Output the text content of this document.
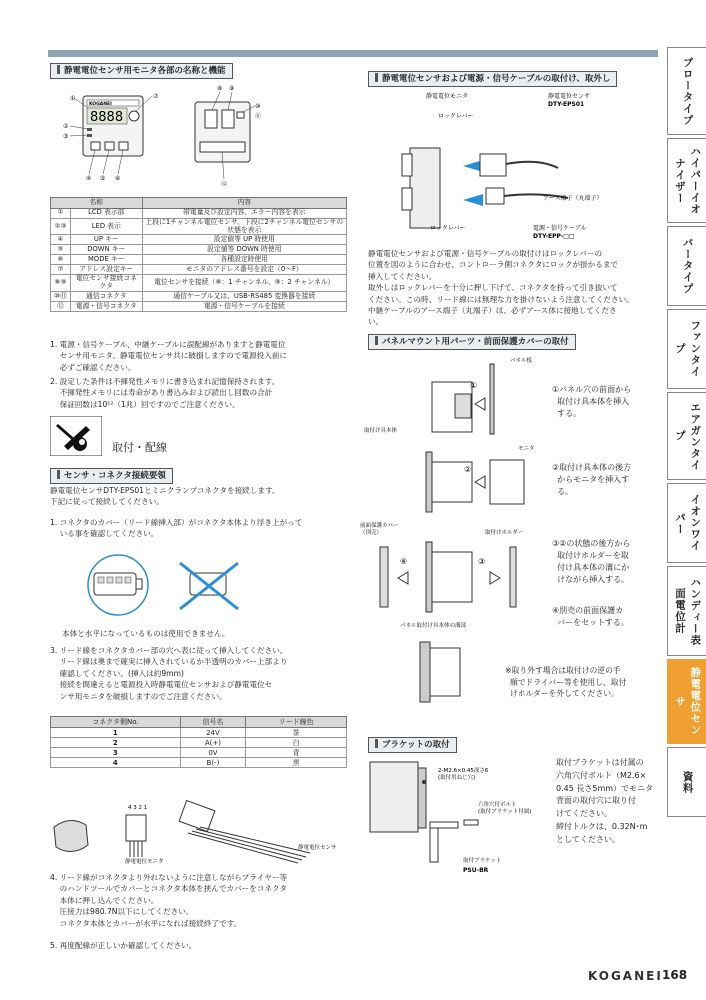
静電電位センサ用モニタ各部の名称と機能
KOGANEI
8888
①	⑦
②
③
④ ⑤ ⑥
⑧ ⑨
⑩
⑪
⑫
名称		内容
①	LCD 表示部	帯電量及び設定内容、エラー内容を表示
②③	LED 表示	上段に1チャンネル電位センサ、下段に2チャンネル電位センサの状態を表示
④	UP キー	設定値等 UP 時使用
⑤	DOWN キー	設定値等 DOWN 時使用
⑥	MODE キー	各種設定時使用
⑦	アドレス設定キー	モニタのアドレス番号を設定（0～F）
⑧⑨	電位センサ接続コネクタ	電位センサを接続（⑧：1 チャンネル、⑨：2 チャンネル）
⑩⑪	通信コネクタ	通信ケーブル又は、USB-RS485 変換器を接続
⑫	電源・信号コネクタ	電源・信号ケーブルを接続
1. 電源・信号ケーブル、中継ケーブルに誤配線がありますと静電電位
センサ用モニタ、静電電位センサ共に破損しますので電源投入前に
必ずご確認ください。
2. 設定した条件は不揮発性メモリに書き込まれ記憶保持されます。
不揮発性メモリには寿命があり書込みおよび読出し回数の合計
保証回数は10¹²（1兆）回ですのでご注意ください。
取付・配線
センサ・コネクタ接続要領
静電電位センサDTY-EPS01とミニクランプコネクタを接続します。
下記に従って接続してください。
1. コネクタのカバー（リード線挿入部）がコネクタ本体より浮き上がって
いる事を確認してください。
本体と水平になっているものは使用できません。
3. リード線をコネクタカバー部の穴へ表に従って挿入してください。
リード線は奥まで確実に挿入されているか半透明のカバー上部より
確認してください。(挿入は約9mm)
接続を間違えると電源投入時静電電位センサおよび静電電位セ
ンサ用モニタを破損しますのでご注意ください。
コネクタ側No.	信号名	リード線色
1	24V	茶
2	A(+)	白
3	0V	青
4	B(-)	黒
4 3 2 1
静電電位モニタ
静電電位センサ
4. リード線がコネクタより外れないように注意しながらプライヤー等
のハンドツールでカバーとコネクタ本体を挟んでカバーをコネクタ
本体に押し込んでください。
圧接力は980.7N以下にしてください。
コネクタ本体とカバーが水平になれば接続終了です。
5. 再度配線が正しいか確認してください。
静電電位センサおよび電源・信号ケーブルの取付け、取外し
静電電位モニタ	静電電位センサ
DTY-EPS01
ロックレバー
アース端子（丸端子）
ロックレバー	電源・信号ケーブル
DTY-EPP-□□
静電電位センサおよび電源・信号ケーブルの取付けはロックレバーの
位置を図のように合わせ、コントローラ側コネクタにロックが掛かるまで
挿入してください。
取外しはロックレバーを十分に押し下げて、コネクタを持って引き抜いて
ください。この時、リード線には無理な力を掛けないよう注意してください。
中継ケーブルのアース端子（丸端子）は、必ずアース体に接地してくださ
い。
パネルマウント用パーツ・前面保護カバーの取付
パネル板
①
取付け具本体
モニタ
②
前面保護カバー（別売）	取付けホルダー
④	③
パネル取付け具本体の溝部
①パネル穴の前面から
取付け具本体を挿入
する。
②取付け具本体の後方
からモニタを挿入す
る。
③②の状態の後方から
取付けホルダーを取
付け具本体の溝にか
けながら挿入する。
④別売の前面保護カ
バーをセットする。
※取り外す場合は取付けの逆の手
順でドライバー等を使用し、取付
けホルダーを外してください。
ブラケットの取付
2-M2.6×0.45深さ6 (取付用ねじ穴)
六角穴付ボルト(取付ブラケット付属)
取付ブラケット
PSU-BR
取付ブラケットは付属の
六角穴付ボルト（M2.6×
0.45 長さ5mm）でモニタ
背面の取付穴に取り付
けてください。
締付トルクは、0.32N･m
としてください。
ブロータイプ
ハイパーイオナイザー
バータイプ
ファンタイプ
エアガンタイプ
イオンワイパー
ハンディー表面電位計
静電電位センサ
資料
KOGANEI 168
